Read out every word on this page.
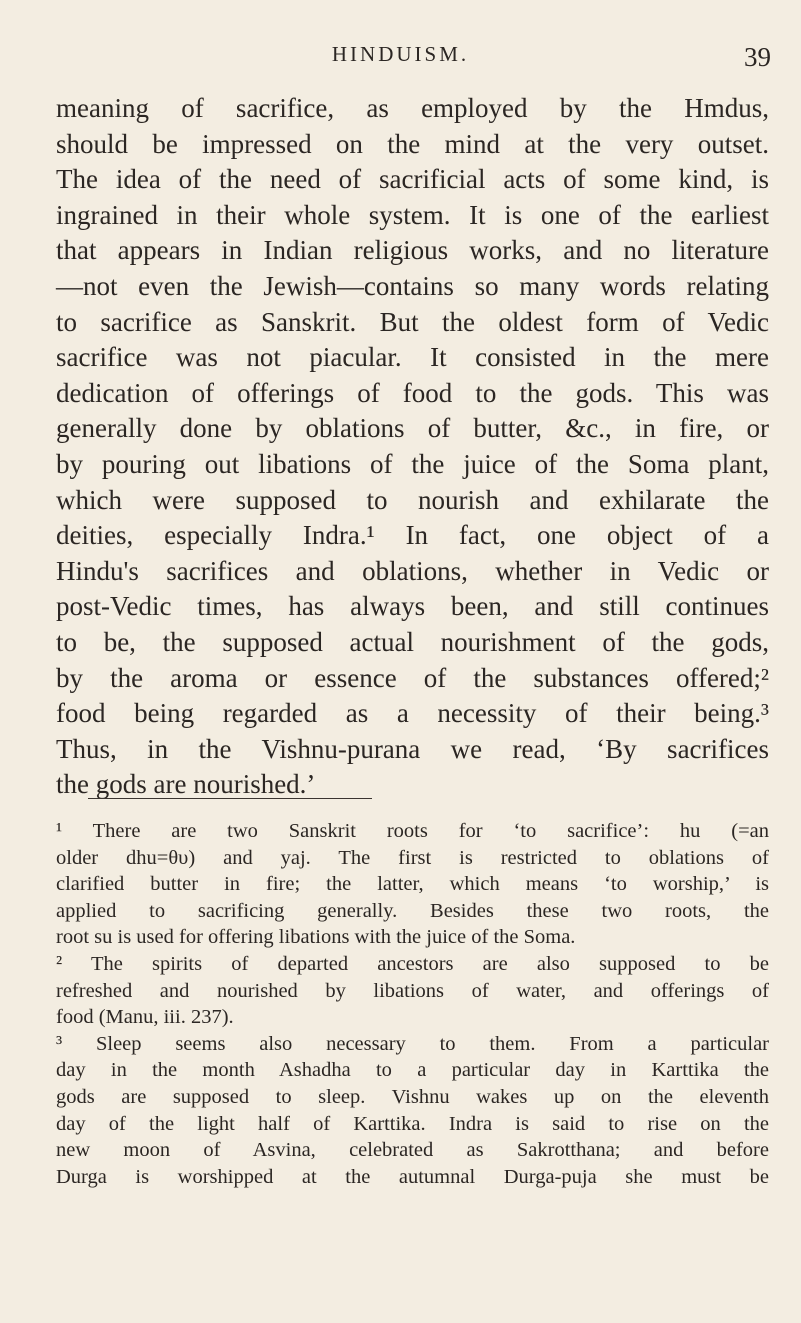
HINDUISM.	39
meaning of sacrifice, as employed by the Hmdus,
should be impressed on the mind at the very outset.
The idea of the need of sacrificial acts of some kind, is
ingrained in their whole system. It is one of the earliest
that appears in Indian religious works, and no literature
—not even the Jewish—contains so many words relating
to sacrifice as Sanskrit. But the oldest form of Vedic
sacrifice was not piacular. It consisted in the mere
dedication of offerings of food to the gods. This was
generally done by oblations of butter, &c., in fire, or
by pouring out libations of the juice of the Soma plant,
which were supposed to nourish and exhilarate the
deities, especially Indra.¹ In fact, one object of a
Hindu's sacrifices and oblations, whether in Vedic or
post-Vedic times, has always been, and still continues
to be, the supposed actual nourishment of the gods,
by the aroma or essence of the substances offered;²
food being regarded as a necessity of their being.³
Thus, in the Vishnu-purana we read, ‘By sacrifices
the gods are nourished.’
¹ There are two Sanskrit roots for ‘to sacrifice’: hu (=an
older dhu=θυ) and yaj. The first is restricted to oblations of
clarified butter in fire; the latter, which means ‘to worship,’ is
applied to sacrificing generally. Besides these two roots, the
root su is used for offering libations with the juice of the Soma.
² The spirits of departed ancestors are also supposed to be
refreshed and nourished by libations of water, and offerings of
food (Manu, iii. 237).
³ Sleep seems also necessary to them. From a particular
day in the month Ashadha to a particular day in Karttika the
gods are supposed to sleep. Vishnu wakes up on the eleventh
day of the light half of Karttika. Indra is said to rise on the
new moon of Asvina, celebrated as Sakrotthana; and before
Durga is worshipped at the autumnal Durga-puja she must be
